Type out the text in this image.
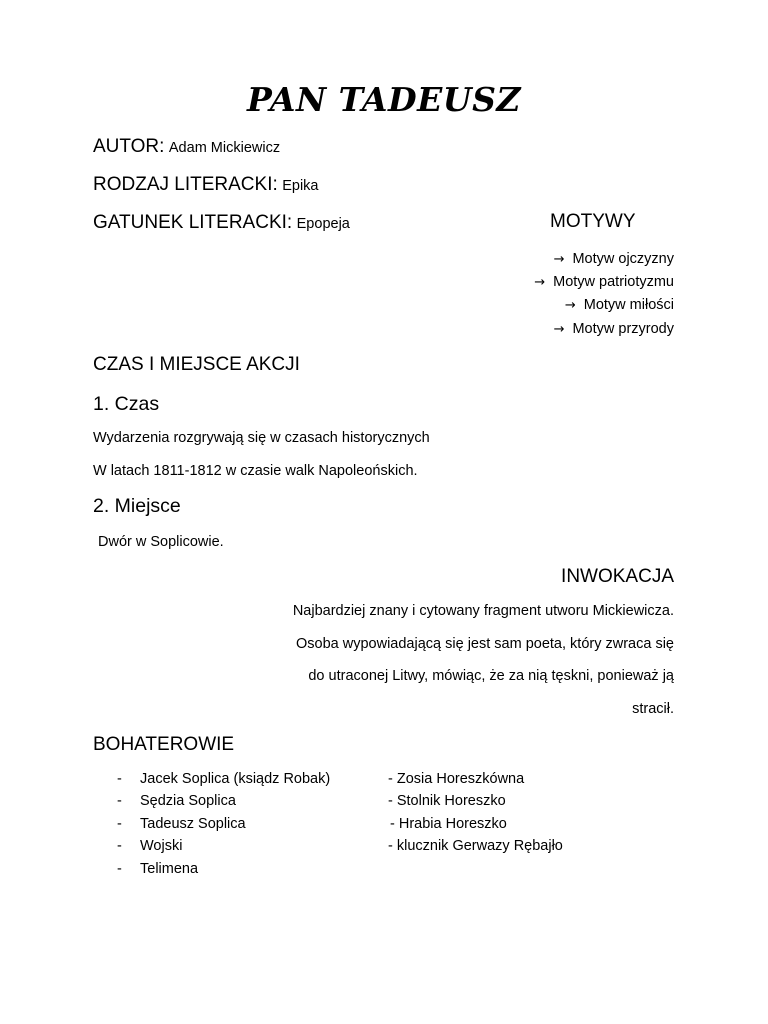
PAN TADEUSZ
AUTOR: Adam Mickiewicz
RODZAJ LITERACKI: Epika
GATUNEK LITERACKI: Epopeja	MOTYWY
→ Motyw ojczyzny
→ Motyw patriotyzmu
→ Motyw miłości
→ Motyw przyrody
CZAS I MIEJSCE AKCJI
1. Czas
Wydarzenia rozgrywają się w czasach historycznych
W latach 1811-1812 w czasie walk Napoleońskich.
2. Miejsce
Dwór w Soplicowie.
INWOKACJA
Najbardziej znany i cytowany fragment utworu Mickiewicza.
Osoba wypowiadającą się jest sam poeta, który zwraca się
do utraconej Litwy, mówiąc, że za nią tęskni, ponieważ ją
stracił.
BOHATEROWIE
- Jacek Soplica (ksiądz Robak)
- Sędzia Soplica
- Tadeusz Soplica
- Wojski
- Telimena
- Zosia Horeszkówna
- Stolnik Horeszko
- Hrabia Horeszko
- klucznik Gerwazy Rębajło
